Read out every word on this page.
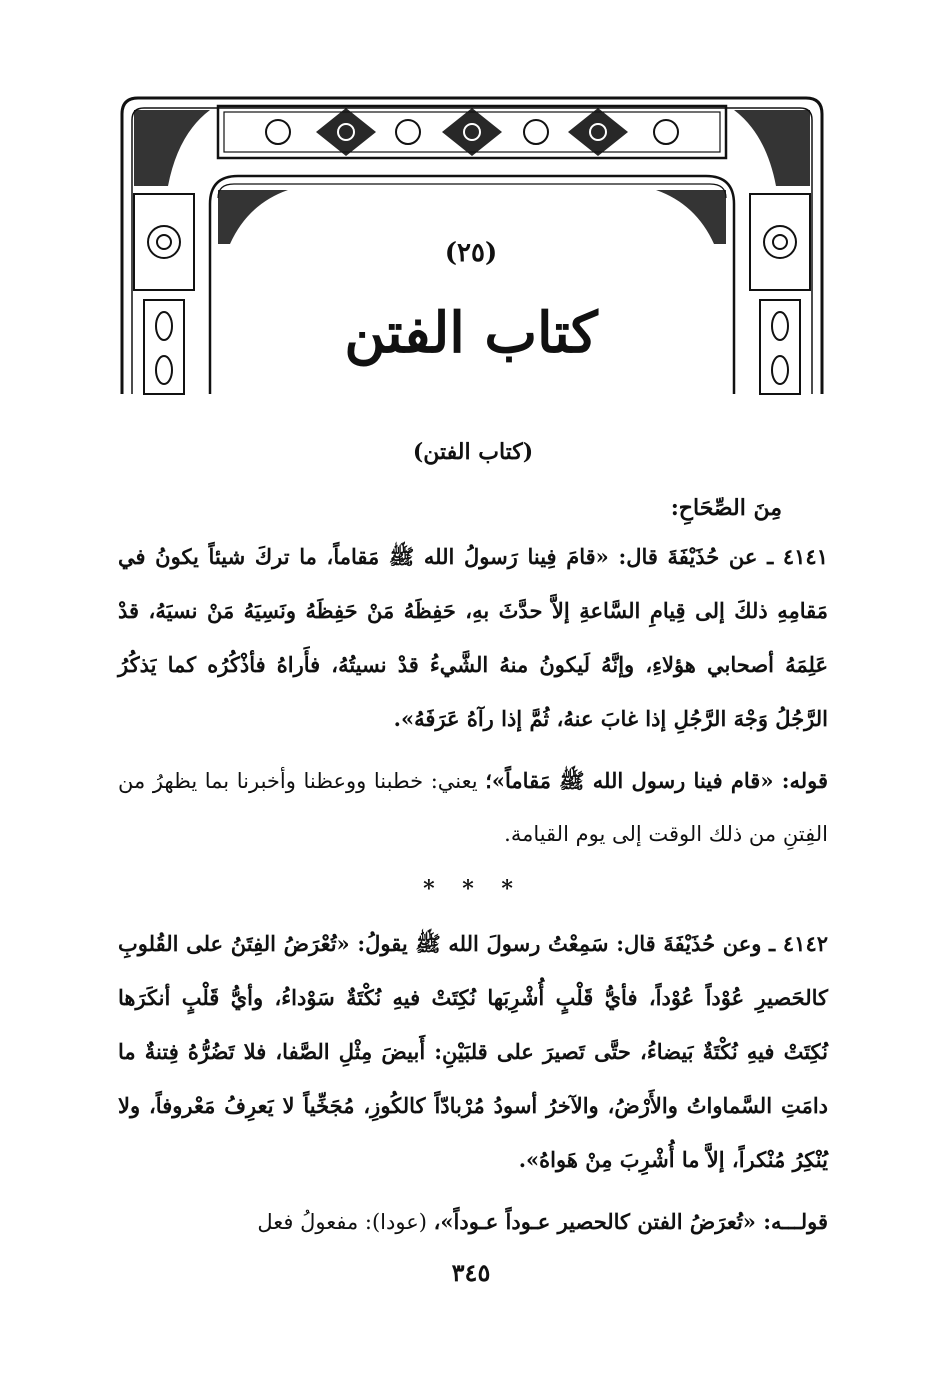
(٢٥)
كتاب الفتن

(كتاب الفتن)

مِنَ الصِّحَاحِ:

٤١٤١ ـ عن حُذَيْفَةَ قال: «قامَ فِينا رَسولُ الله ﷺ مَقاماً، ما تركَ شيئاً يكونُ في مَقامِهِ ذلكَ إلى قِيامِ السَّاعةِ إلاَّ حدَّثَ بهِ، حَفِظَهُ مَنْ حَفِظَهُ ونَسِيَهُ مَنْ نسيَهُ، قدْ عَلِمَهُ أصحابي هؤلاءِ، وإنَّهُ لَيكونُ منهُ الشَّيءُ قدْ نسيتُهُ، فأَراهُ فأذْكُرُه كما يَذكُرُ الرَّجُلُ وَجْهَ الرَّجُلِ إذا غابَ عنهُ، ثُمَّ إذا رآهُ عَرَفَهُ».

قوله: «قام فينا رسول الله ﷺ مَقاماً»؛ يعني: خطبنا ووعظنا وأخبرنا بما يظهرُ من الفِتنِ من ذلك الوقت إلى يوم القيامة.

* * *

٤١٤٢ ـ وعن حُذَيْفَةَ قال: سَمِعْتُ رسولَ الله ﷺ يقولُ: «تُعْرَضُ الفِتَنُ على القُلوبِ كالحَصيرِ عُوْداً عُوْداً، فأيُّ قَلْبٍ أُشْرِبَها نُكِتَتْ فيهِ نُكْتَةٌ سَوْداءُ، وأيُّ قَلْبٍ أنكَرَها نُكِتَتْ فيهِ نُكْتَةٌ بَيضاءُ، حتَّى تَصيرَ على قلبَيْنِ: أَبيضَ مِثْلِ الصَّفا، فلا تَضُرُّهُ فِتنةٌ ما دامَتِ السَّماواتُ والأَرْضُ، والآخرُ أسودُ مُرْبادّاً كالكُوزِ، مُجَخِّياً لا يَعرِفُ مَعْروفاً، ولا يُنْكِرُ مُنْكراً، إلاَّ ما أُشْرِبَ مِنْ هَواهُ».

قولـــه: «تُعرَضُ الفتن كالحصير عـوداً عـوداً»، (عودا): مفعولُ فعل

٣٤٥
